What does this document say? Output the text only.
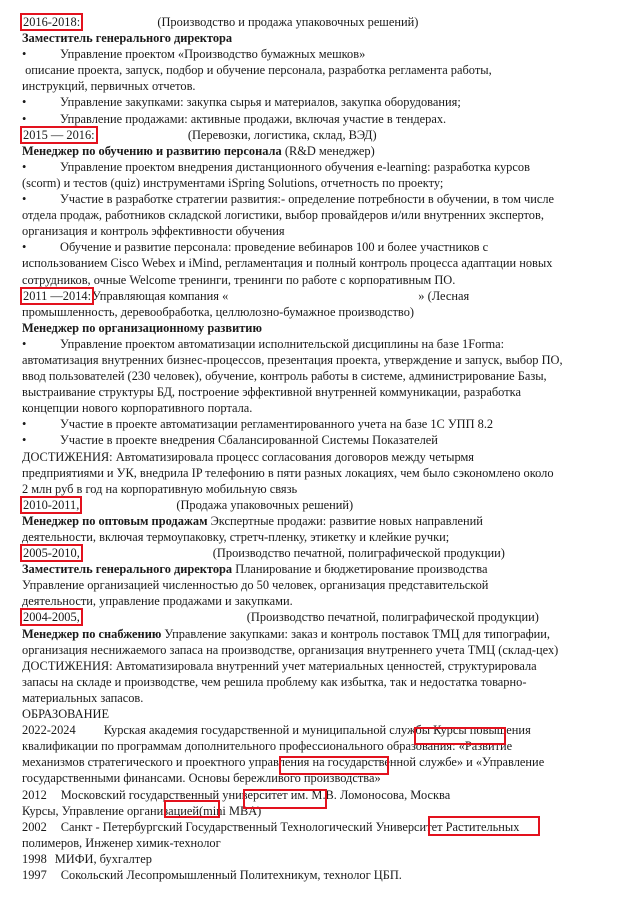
2016-2018:	(Производство и продажа упаковочных решений)
Заместитель генерального директора
•	Управление проектом «Производство бумажных мешков»
описание проекта, запуск, подбор и обучение персонала, разработка регламента работы,
инструкций, первичных отчетов.
•	Управление закупками: закупка сырья и материалов, закупка оборудования;
•	Управление продажами: активные продажи, включая участие в тендерах.
2015 — 2016:	(Перевозки, логистика, склад, ВЭД)
Менеджер по обучению и развитию персонала (R&D менеджер)
•	Управление проектом внедрения дистанционного обучения e-learning: разработка курсов
(scorm) и тестов (quiz) инструментами iSpring Solutions, отчетность по проекту;
•	Участие в разработке стратегии развития:- определение потребности в обучении, в том числе
отдела продаж, работников складской логистики, выбор провайдеров и/или внутренних экспертов,
организация и контроль эффективности обучения
•	Обучение и развитие персонала: проведение вебинаров 100 и более участников с
использованием Cisco Webex и iMind, регламентация и полный контроль процесса адаптации новых
сотрудников, очные Welcome тренинги, тренинги по работе с корпоративным ПО.
2011 —2014:Управляющая компания «	» (Лесная
промышленность, деревообработка, целлюлозно-бумажное производство)
Менеджер по организационному развитию
•	Управление проектом автоматизации исполнительской дисциплины на базе 1Forma:
автоматизация внутренних бизнес-процессов, презентация проекта, утверждение и запуск, выбор ПО,
ввод пользователей (230 человек), обучение, контроль работы в системе, администрирование Базы,
выстраивание структуры БД, построение эффективной внутренней коммуникации, разработка
концепции нового корпоративного портала.
•	Участие в проекте автоматизации регламентированного учета на базе 1С УПП 8.2
•	Участие в проекте внедрения Сбалансированной Системы Показателей
ДОСТИЖЕНИЯ: Автоматизировала процесс согласования договоров между четырмя
предприятиями и УК, внедрила IP телефонию в пяти разных локациях, чем было сэкономлено около
2 млн руб в год на корпоративную мобильную связь
2010-2011,	(Продажа упаковочных решений)
Менеджер по оптовым продажам Экспертные продажи: развитие новых направлений
деятельности, включая термоупаковку, стретч-пленку, этикетку и клейкие ручки;
2005-2010,	(Производство печатной, полиграфической продукции)
Заместитель генерального директора Планирование и бюджетирование производства
Управление организацией численностью до 50 человек, организация представительской
деятельности, управление продажами и закупками.
2004-2005,	(Производство печатной, полиграфической продукции)
Менеджер по снабжению Управление закупками: заказ и контроль поставок ТМЦ для типографии,
организация неснижаемого запаса на производстве, организация внутреннего учета ТМЦ (склад-цех)
ДОСТИЖЕНИЯ: Автоматизировала внутренний учет материальных ценностей, структурировала
запасы на складе и производстве, чем решила проблему как избытка, так и недостатка товарно-
материальных запасов.
ОБРАЗОВАНИЕ
2022-2024 Курская академия государственной и муниципальной службы Курсы повышения
квалификации по программам дополнительного профессионального образования: «Развитие
механизмов стратегического и проектного управления на государственной службе» и «Управление
государственными финансами. Основы бережливого производства»
2012 Московский государственный университет им. М.В. Ломоносова, Москва
Курсы, Управление организацией(mini MBA)
2002 Санкт - Петербургский Государственный Технологический Университет Растительных
полимеров, Инженер химик-технолог
1998 МИФИ, бухгалтер
1997 Сокольский Лесопромышленный Политехникум, технолог ЦБП.
